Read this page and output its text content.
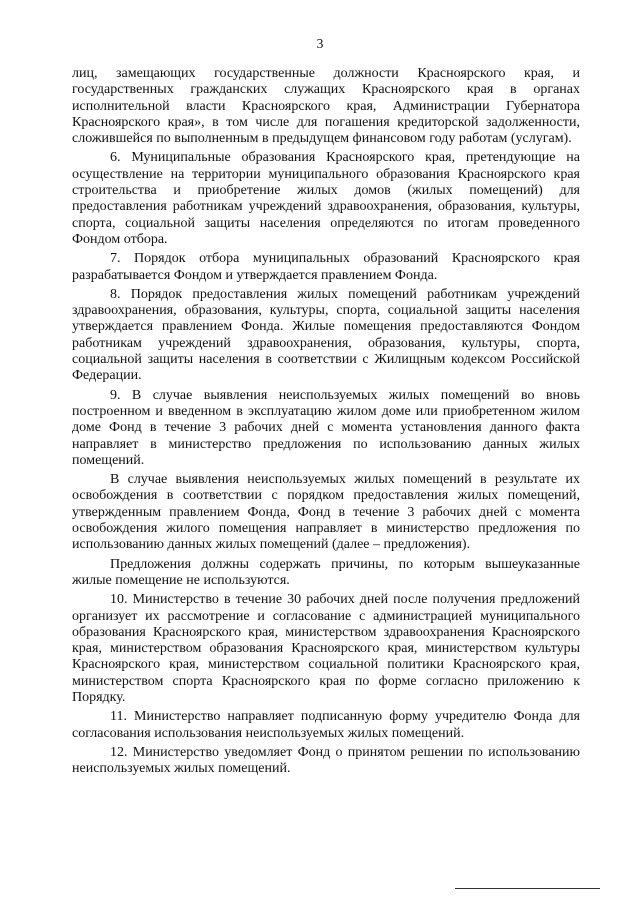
3

лиц, замещающих государственные должности Красноярского края, и государственных гражданских служащих Красноярского края в органах исполнительной власти Красноярского края, Администрации Губернатора Красноярского края», в том числе для погашения кредиторской задолженности, сложившейся по выполненным в предыдущем финансовом году работам (услугам).

6. Муниципальные образования Красноярского края, претендующие на осуществление на территории муниципального образования Красноярского края строительства и приобретение жилых домов (жилых помещений) для предоставления работникам учреждений здравоохранения, образования, культуры, спорта, социальной защиты населения определяются по итогам проведенного Фондом отбора.

7. Порядок отбора муниципальных образований Красноярского края разрабатывается Фондом и утверждается правлением Фонда.

8. Порядок предоставления жилых помещений работникам учреждений здравоохранения, образования, культуры, спорта, социальной защиты населения утверждается правлением Фонда. Жилые помещения предоставляются Фондом работникам учреждений здравоохранения, образования, культуры, спорта, социальной защиты населения в соответствии с Жилищным кодексом Российской Федерации.

9. В случае выявления неиспользуемых жилых помещений во вновь построенном и введенном в эксплуатацию жилом доме или приобретенном жилом доме Фонд в течение 3 рабочих дней с момента установления данного факта направляет в министерство предложения по использованию данных жилых помещений.

В случае выявления неиспользуемых жилых помещений в результате их освобождения в соответствии с порядком предоставления жилых помещений, утвержденным правлением Фонда, Фонд в течение 3 рабочих дней с момента освобождения жилого помещения направляет в министерство предложения по использованию данных жилых помещений (далее – предложения).

Предложения должны содержать причины, по которым вышеуказанные жилые помещение не используются.

10. Министерство в течение 30 рабочих дней после получения предложений организует их рассмотрение и согласование с администрацией муниципального образования Красноярского края, министерством здравоохранения Красноярского края, министерством образования Красноярского края, министерством культуры Красноярского края, министерством социальной политики Красноярского края, министерством спорта Красноярского края по форме согласно приложению к Порядку.

11. Министерство направляет подписанную форму учредителю Фонда для согласования использования неиспользуемых жилых помещений.

12. Министерство уведомляет Фонд о принятом решении по использованию неиспользуемых жилых помещений.
